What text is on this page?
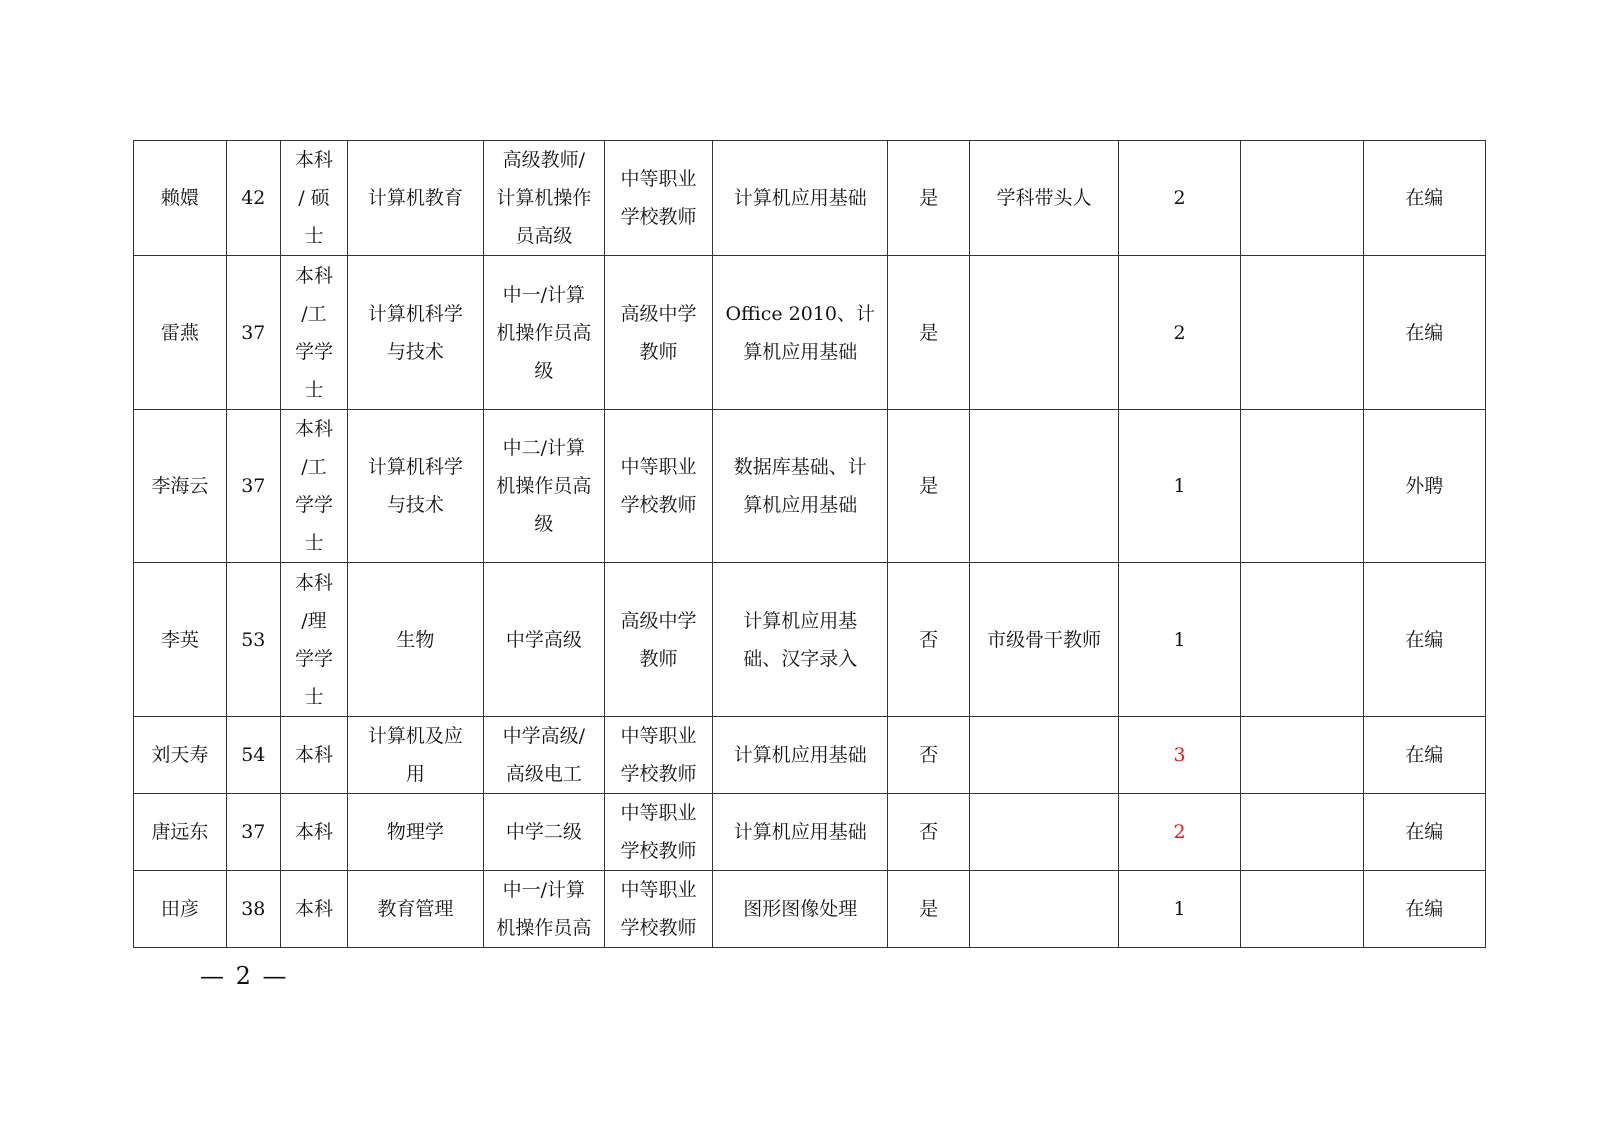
赖嬛	42	本科
/ 硕
士	计算机教育	高级教师/
计算机操作
员高级	中等职业
学校教师	计算机应用基础	是	学科带头人	2		在编
雷燕	37	本科
/工
学学
士	计算机科学
与技术	中一/计算
机操作员高
级	高级中学
教师	Office 2010、计
算机应用基础	是		2		在编
李海云	37	本科
/工
学学
士	计算机科学
与技术	中二/计算
机操作员高
级	中等职业
学校教师	数据库基础、计
算机应用基础	是		1		外聘
李英	53	本科
/理
学学
士	生物	中学高级	高级中学
教师	计算机应用基
础、汉字录入	否	市级骨干教师	1		在编
刘天寿	54	本科	计算机及应
用	中学高级/
高级电工	中等职业
学校教师	计算机应用基础	否		3		在编
唐远东	37	本科	物理学	中学二级	中等职业
学校教师	计算机应用基础	否		2		在编
田彦	38	本科	教育管理	中一/计算
机操作员高	中等职业
学校教师	图形图像处理	是		1		在编
— 2 —
